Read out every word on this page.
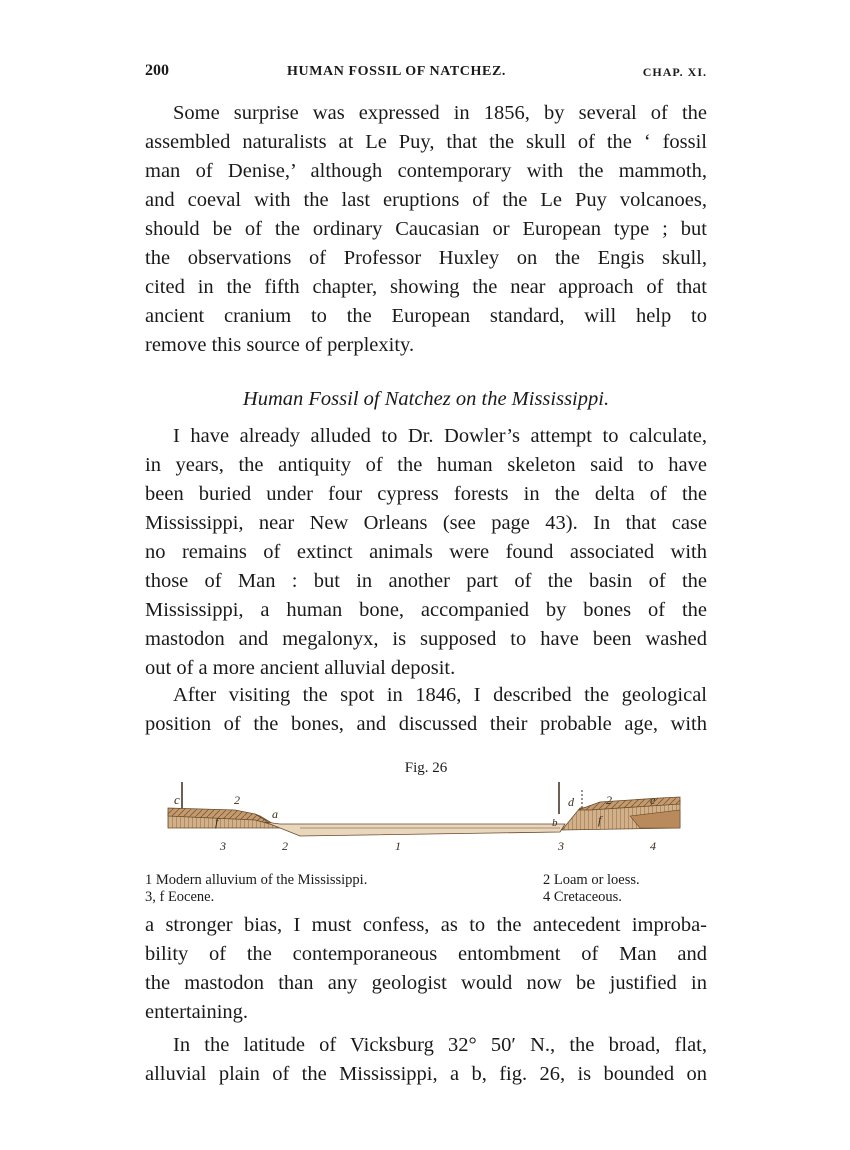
200	HUMAN FOSSIL OF NATCHEZ.	CHAP. XI.
Some surprise was expressed in 1856, by several of the
assembled naturalists at Le Puy, that the skull of the ‘ fossil
man of Denise,’ although contemporary with the mammoth,
and coeval with the last eruptions of the Le Puy volcanoes,
should be of the ordinary Caucasian or European type ; but
the observations of Professor Huxley on the Engis skull,
cited in the fifth chapter, showing the near approach of that
ancient cranium to the European standard, will help to
remove this source of perplexity.
Human Fossil of Natchez on the Mississippi.
I have already alluded to Dr. Dowler’s attempt to calculate,
in years, the antiquity of the human skeleton said to have
been buried under four cypress forests in the delta of the
Mississippi, near New Orleans (see page 43). In that case
no remains of extinct animals were found associated with
those of Man : but in another part of the basin of the
Mississippi, a human bone, accompanied by bones of the
mastodon and megalonyx, is supposed to have been washed
out of a more ancient alluvial deposit.
After visiting the spot in 1846, I described the geological
position of the bones, and discussed their probable age, with
Fig. 26
c	2
f
a
3	2	1
b
d	2	e
f
3	4
1 Modern alluvium of the Mississippi.
3, f Eocene.
2 Loam or loess.
4 Cretaceous.
a stronger bias, I must confess, as to the antecedent improba-
bility of the contemporaneous entombment of Man and
the mastodon than any geologist would now be justified in
entertaining.
In the latitude of Vicksburg 32° 50′ N., the broad, flat,
alluvial plain of the Mississippi, a b, fig. 26, is bounded on
